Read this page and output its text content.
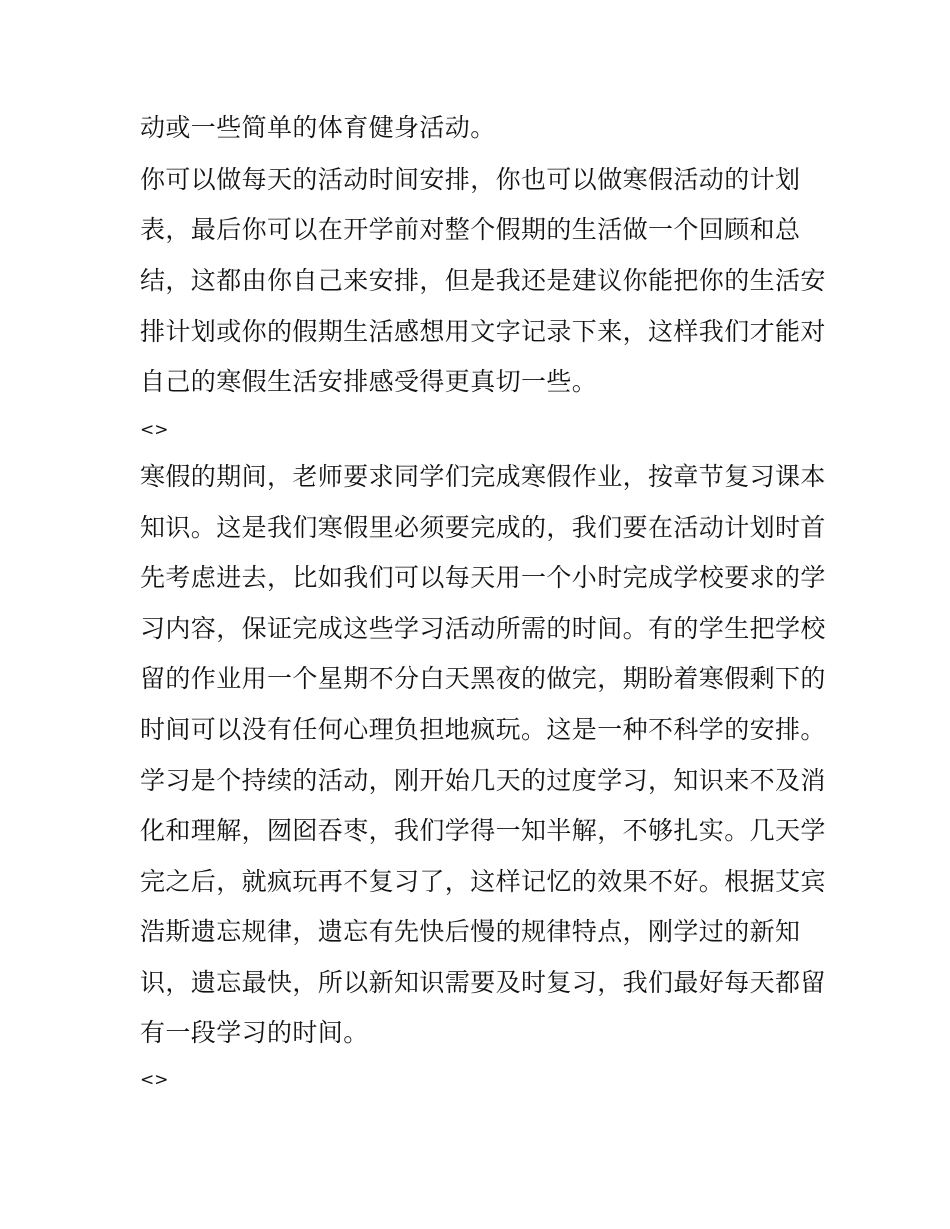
动或一些简单的体育健身活动。
你可以做每天的活动时间安排，你也可以做寒假活动的计划
表，最后你可以在开学前对整个假期的生活做一个回顾和总
结，这都由你自己来安排，但是我还是建议你能把你的生活安
排计划或你的假期生活感想用文字记录下来，这样我们才能对
自己的寒假生活安排感受得更真切一些。
<>
寒假的期间，老师要求同学们完成寒假作业，按章节复习课本
知识。这是我们寒假里必须要完成的，我们要在活动计划时首
先考虑进去，比如我们可以每天用一个小时完成学校要求的学
习内容，保证完成这些学习活动所需的时间。有的学生把学校
留的作业用一个星期不分白天黑夜的做完，期盼着寒假剩下的
时间可以没有任何心理负担地疯玩。这是一种不科学的安排。
学习是个持续的活动，刚开始几天的过度学习，知识来不及消
化和理解，囫囵吞枣，我们学得一知半解，不够扎实。几天学
完之后，就疯玩再不复习了，这样记忆的效果不好。根据艾宾
浩斯遗忘规律，遗忘有先快后慢的规律特点，刚学过的新知
识，遗忘最快，所以新知识需要及时复习，我们最好每天都留
有一段学习的时间。
<>
